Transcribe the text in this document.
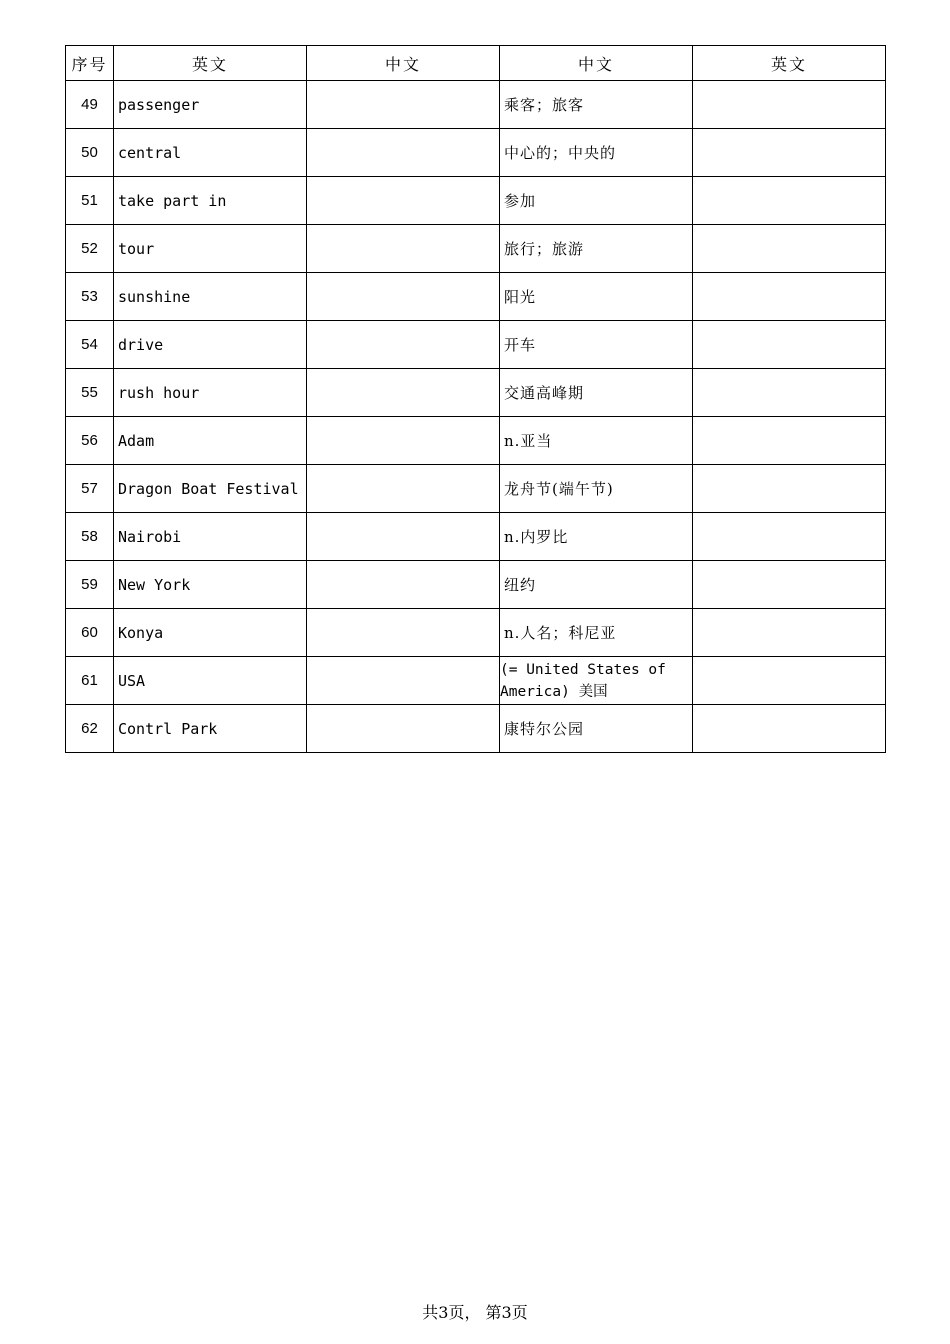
序号	英文	中文	中文	英文
49	passenger		乘客；旅客	
50	central		中心的；中央的	
51	take part in		参加	
52	tour		旅行；旅游	
53	sunshine		阳光	
54	drive		开车	
55	rush hour		交通高峰期	
56	Adam		n.亚当	
57	Dragon Boat Festival		龙舟节(端午节)	
58	Nairobi		n.内罗比	
59	New York		纽约	
60	Konya		n.人名；科尼亚	
61	USA		(= United States of America) 美国	
62	Contrl Park		康特尔公园	
共3页， 第3页
